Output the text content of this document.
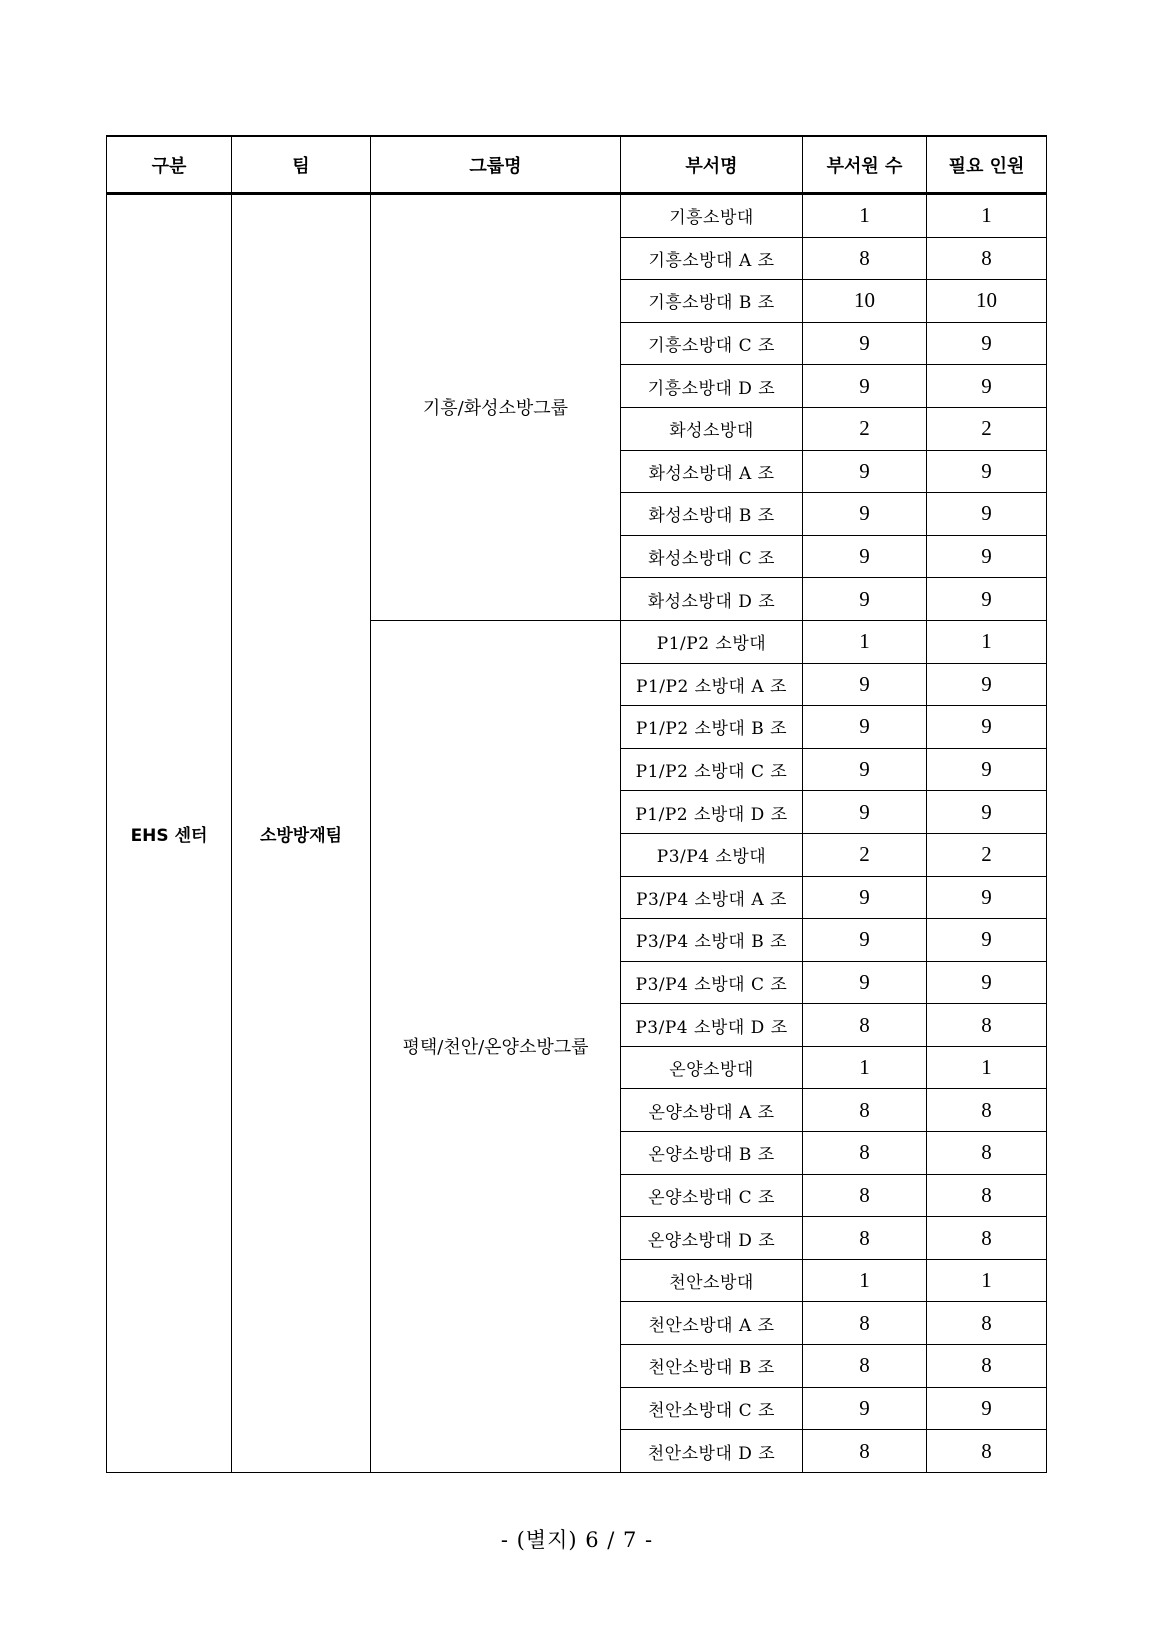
구분	팀	그룹명	부서명	부서원 수	필요 인원
EHS 센터	소방방재팀	기흥/화성소방그룹	기흥소방대	1	1
			기흥소방대 A 조	8	8
			기흥소방대 B 조	10	10
			기흥소방대 C 조	9	9
			기흥소방대 D 조	9	9
			화성소방대	2	2
			화성소방대 A 조	9	9
			화성소방대 B 조	9	9
			화성소방대 C 조	9	9
			화성소방대 D 조	9	9
		평택/천안/온양소방그룹	P1/P2 소방대	1	1
			P1/P2 소방대 A 조	9	9
			P1/P2 소방대 B 조	9	9
			P1/P2 소방대 C 조	9	9
			P1/P2 소방대 D 조	9	9
			P3/P4 소방대	2	2
			P3/P4 소방대 A 조	9	9
			P3/P4 소방대 B 조	9	9
			P3/P4 소방대 C 조	9	9
			P3/P4 소방대 D 조	8	8
			온양소방대	1	1
			온양소방대 A 조	8	8
			온양소방대 B 조	8	8
			온양소방대 C 조	8	8
			온양소방대 D 조	8	8
			천안소방대	1	1
			천안소방대 A 조	8	8
			천안소방대 B 조	8	8
			천안소방대 C 조	9	9
			천안소방대 D 조	8	8
- (별지) 6 / 7 -
